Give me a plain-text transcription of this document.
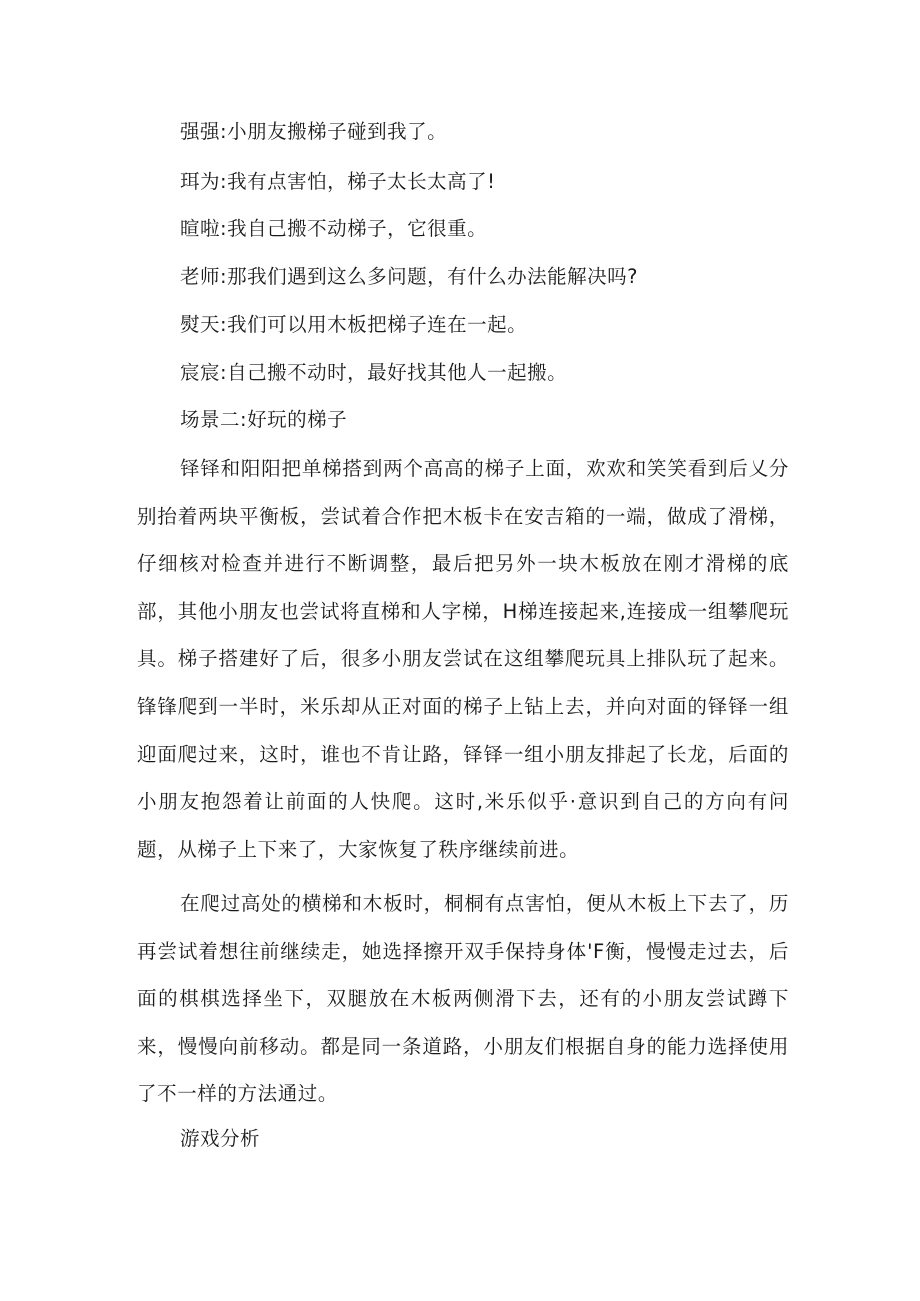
强强:小朋友搬梯子碰到我了。
珥为:我有点害怕，梯子太长太高了!
暄啦:我自己搬不动梯子，它很重。
老师:那我们遇到这么多问题，有什么办法能解决吗?
熨天:我们可以用木板把梯子连在一起。
宸宸:自己搬不动时，最好找其他人一起搬。
场景二:好玩的梯子

铎铎和阳阳把单梯搭到两个高高的梯子上面，欢欢和笑笑看到后乂分别抬着两块平衡板，尝试着合作把木板卡在安吉箱的一端，做成了滑梯，仔细核对检查并进行不断调整，最后把另外一块木板放在刚才滑梯的底部，其他小朋友也尝试将直梯和人字梯，H梯连接起来,连接成一组攀爬玩具。梯子搭建好了后，很多小朋友尝试在这组攀爬玩具上排队玩了起来。锋锋爬到一半时，米乐却从正对面的梯子上钻上去，并向对面的铎铎一组迎面爬过来，这时，谁也不肯让路，铎铎一组小朋友排起了长龙，后面的小朋友抱怨着让前面的人快爬。这时,米乐似乎·意识到自己的方向有问题，从梯子上下来了，大家恢复了秩序继续前进。

在爬过高处的横梯和木板时，桐桐有点害怕，便从木板上下去了，历再尝试着想往前继续走，她选择擦开双手保持身体'F衡，慢慢走过去，后面的棋棋选择坐下，双腿放在木板两侧滑下去，还有的小朋友尝试蹲下来，慢慢向前移动。都是同一条道路，小朋友们根据自身的能力选择使用了不一样的方法通过。

游戏分析
